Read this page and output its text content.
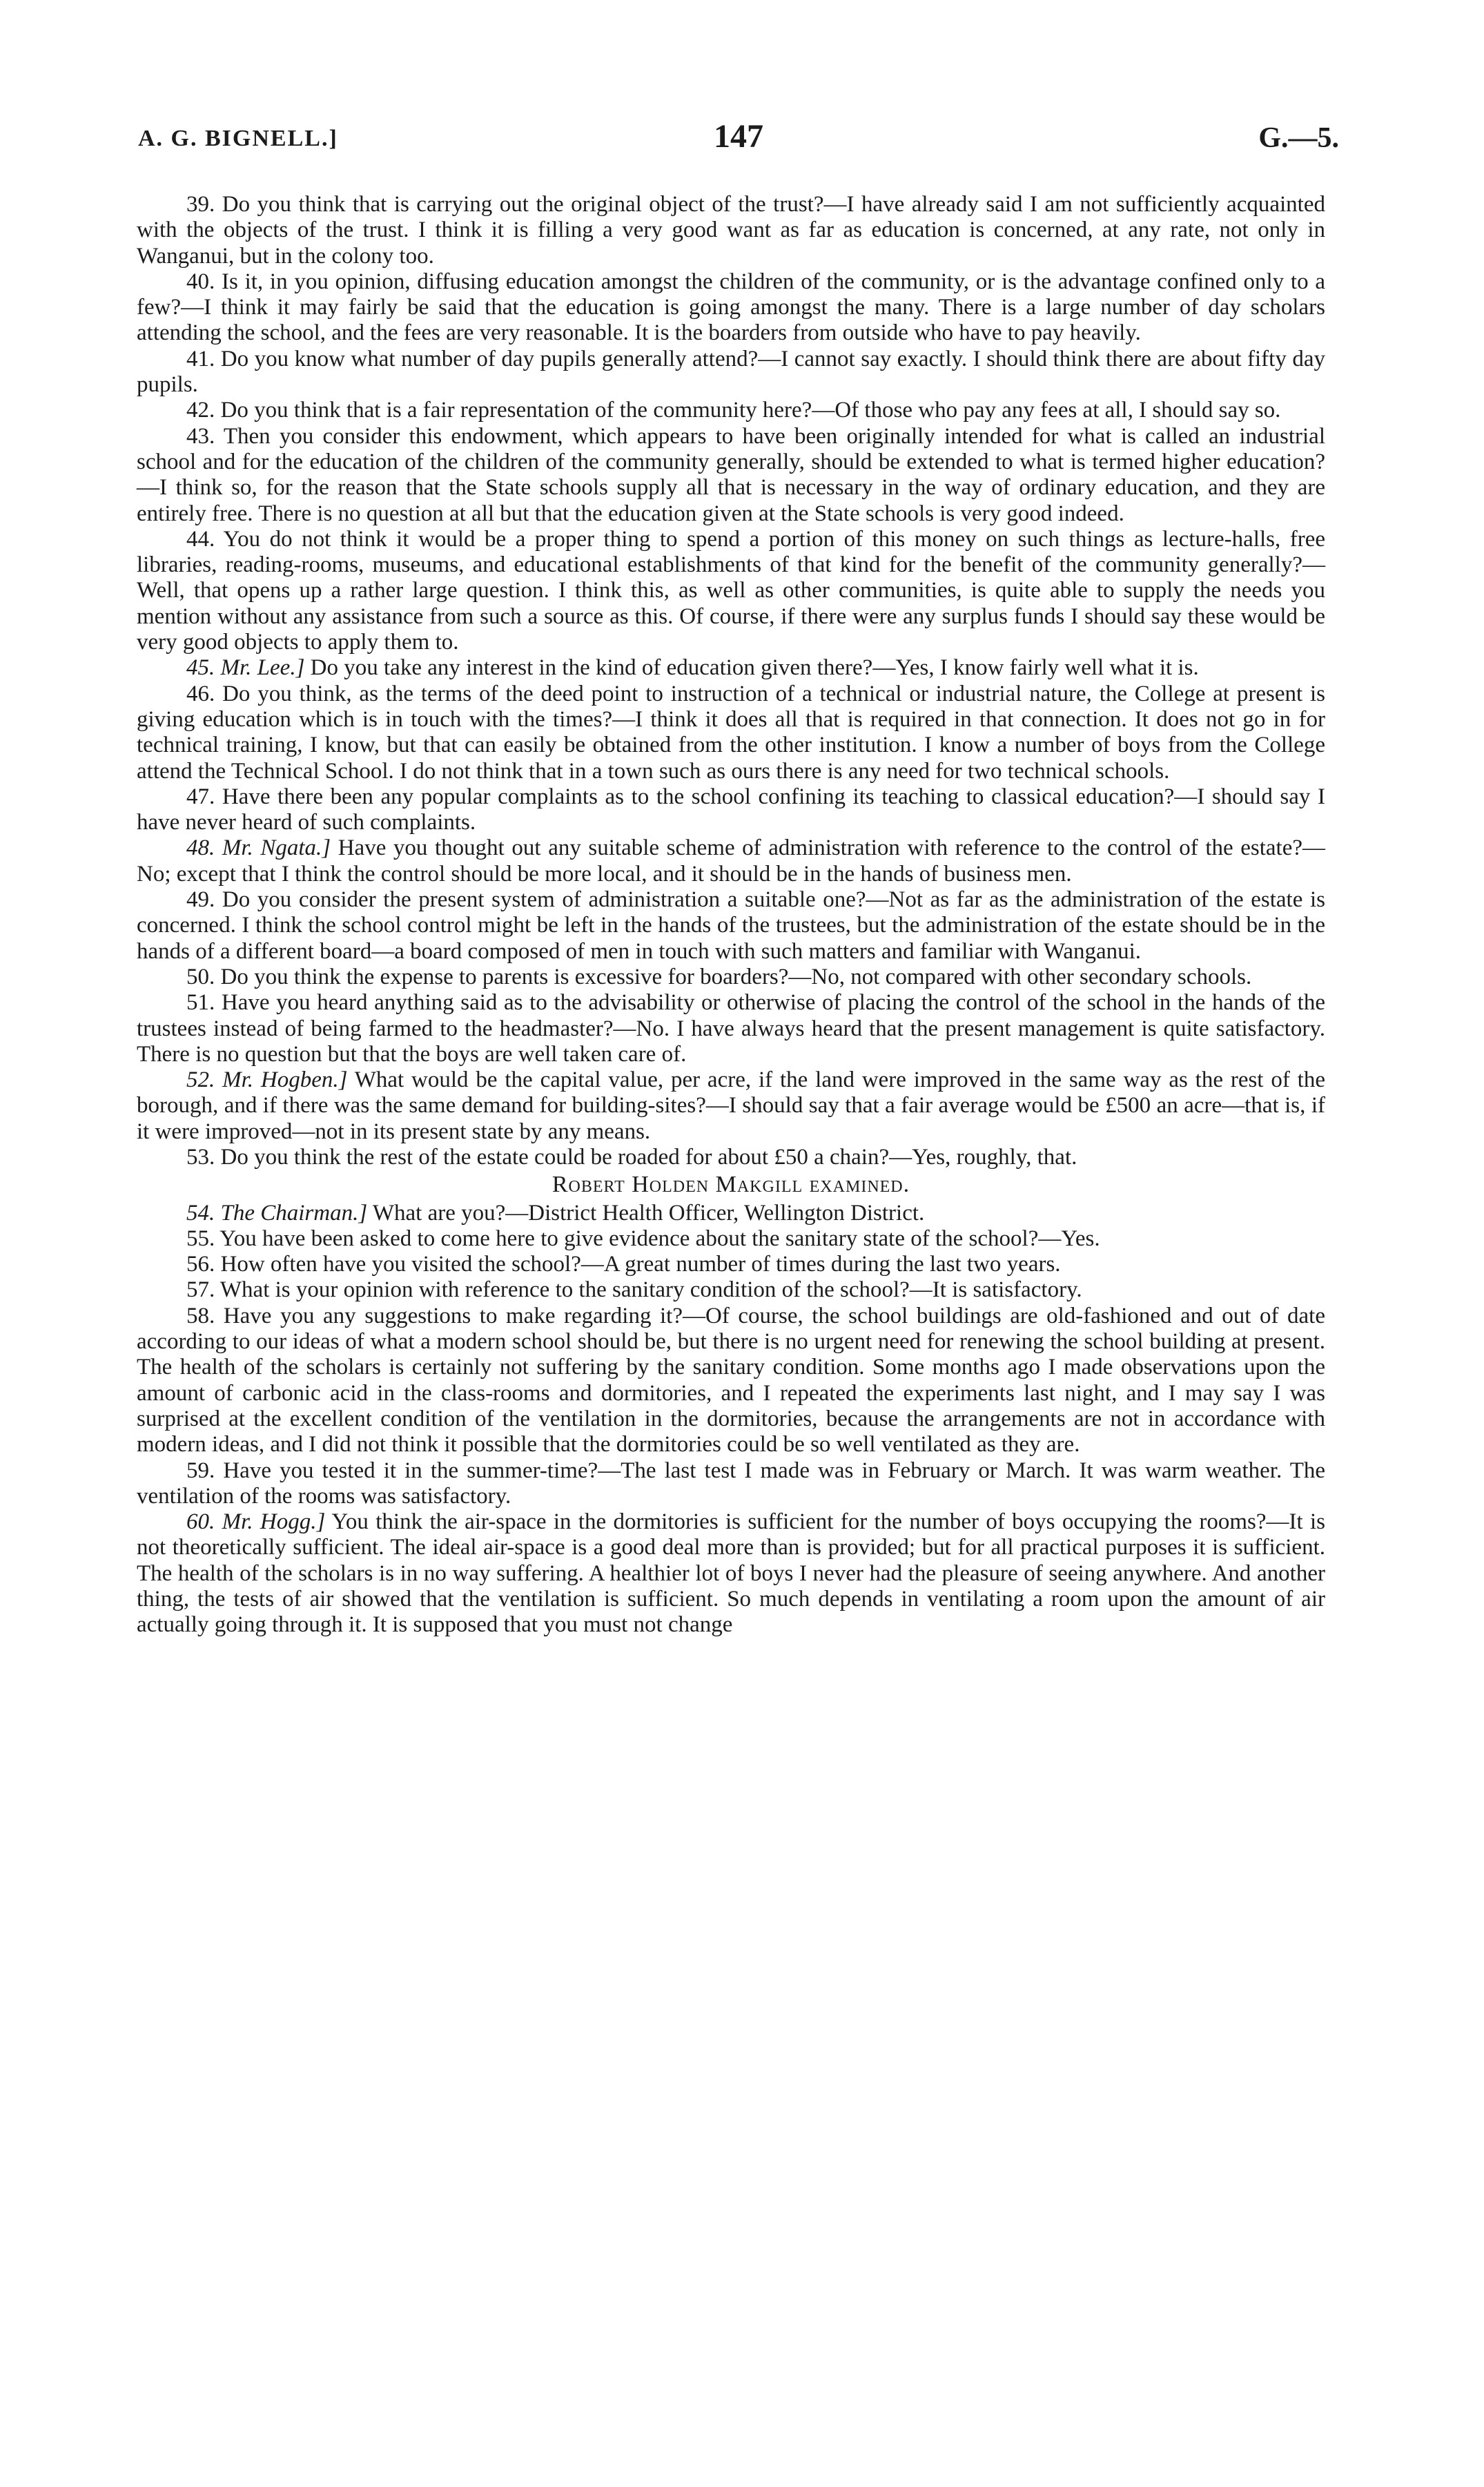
A. G. BIGNELL.]	147	G.—5.

39. Do you think that is carrying out the original object of the trust?—I have already said I am not sufficiently acquainted with the objects of the trust. I think it is filling a very good want as far as education is concerned, at any rate, not only in Wanganui, but in the colony too.

40. Is it, in you opinion, diffusing education amongst the children of the community, or is the advantage confined only to a few?—I think it may fairly be said that the education is going amongst the many. There is a large number of day scholars attending the school, and the fees are very reasonable. It is the boarders from outside who have to pay heavily.

41. Do you know what number of day pupils generally attend?—I cannot say exactly. I should think there are about fifty day pupils.

42. Do you think that is a fair representation of the community here?—Of those who pay any fees at all, I should say so.

43. Then you consider this endowment, which appears to have been originally intended for what is called an industrial school and for the education of the children of the community generally, should be extended to what is termed higher education?—I think so, for the reason that the State schools supply all that is necessary in the way of ordinary education, and they are entirely free. There is no question at all but that the education given at the State schools is very good indeed.

44. You do not think it would be a proper thing to spend a portion of this money on such things as lecture-halls, free libraries, reading-rooms, museums, and educational establishments of that kind for the benefit of the community generally?—Well, that opens up a rather large question. I think this, as well as other communities, is quite able to supply the needs you mention without any assistance from such a source as this. Of course, if there were any surplus funds I should say these would be very good objects to apply them to.

45. Mr. Lee.] Do you take any interest in the kind of education given there?—Yes, I know fairly well what it is.

46. Do you think, as the terms of the deed point to instruction of a technical or industrial nature, the College at present is giving education which is in touch with the times?—I think it does all that is required in that connection. It does not go in for technical training, I know, but that can easily be obtained from the other institution. I know a number of boys from the College attend the Technical School. I do not think that in a town such as ours there is any need for two technical schools.

47. Have there been any popular complaints as to the school confining its teaching to classical education?—I should say I have never heard of such complaints.

48. Mr. Ngata.] Have you thought out any suitable scheme of administration with reference to the control of the estate?—No; except that I think the control should be more local, and it should be in the hands of business men.

49. Do you consider the present system of administration a suitable one?—Not as far as the administration of the estate is concerned. I think the school control might be left in the hands of the trustees, but the administration of the estate should be in the hands of a different board—a board composed of men in touch with such matters and familiar with Wanganui.

50. Do you think the expense to parents is excessive for boarders?—No, not compared with other secondary schools.

51. Have you heard anything said as to the advisability or otherwise of placing the control of the school in the hands of the trustees instead of being farmed to the headmaster?—No. I have always heard that the present management is quite satisfactory. There is no question but that the boys are well taken care of.

52. Mr. Hogben.] What would be the capital value, per acre, if the land were improved in the same way as the rest of the borough, and if there was the same demand for building-sites?—I should say that a fair average would be £500 an acre—that is, if it were improved—not in its present state by any means.

53. Do you think the rest of the estate could be roaded for about £50 a chain?—Yes, roughly, that.

Robert Holden Makgill examined.

54. The Chairman.] What are you?—District Health Officer, Wellington District.

55. You have been asked to come here to give evidence about the sanitary state of the school?—Yes.

56. How often have you visited the school?—A great number of times during the last two years.

57. What is your opinion with reference to the sanitary condition of the school?—It is satisfactory.

58. Have you any suggestions to make regarding it?—Of course, the school buildings are old-fashioned and out of date according to our ideas of what a modern school should be, but there is no urgent need for renewing the school building at present. The health of the scholars is certainly not suffering by the sanitary condition. Some months ago I made observations upon the amount of carbonic acid in the class-rooms and dormitories, and I repeated the experiments last night, and I may say I was surprised at the excellent condition of the ventilation in the dormitories, because the arrangements are not in accordance with modern ideas, and I did not think it possible that the dormitories could be so well ventilated as they are.

59. Have you tested it in the summer-time?—The last test I made was in February or March. It was warm weather. The ventilation of the rooms was satisfactory.

60. Mr. Hogg.] You think the air-space in the dormitories is sufficient for the number of boys occupying the rooms?—It is not theoretically sufficient. The ideal air-space is a good deal more than is provided; but for all practical purposes it is sufficient. The health of the scholars is in no way suffering. A healthier lot of boys I never had the pleasure of seeing anywhere. And another thing, the tests of air showed that the ventilation is sufficient. So much depends in ventilating a room upon the amount of air actually going through it. It is supposed that you must not change
